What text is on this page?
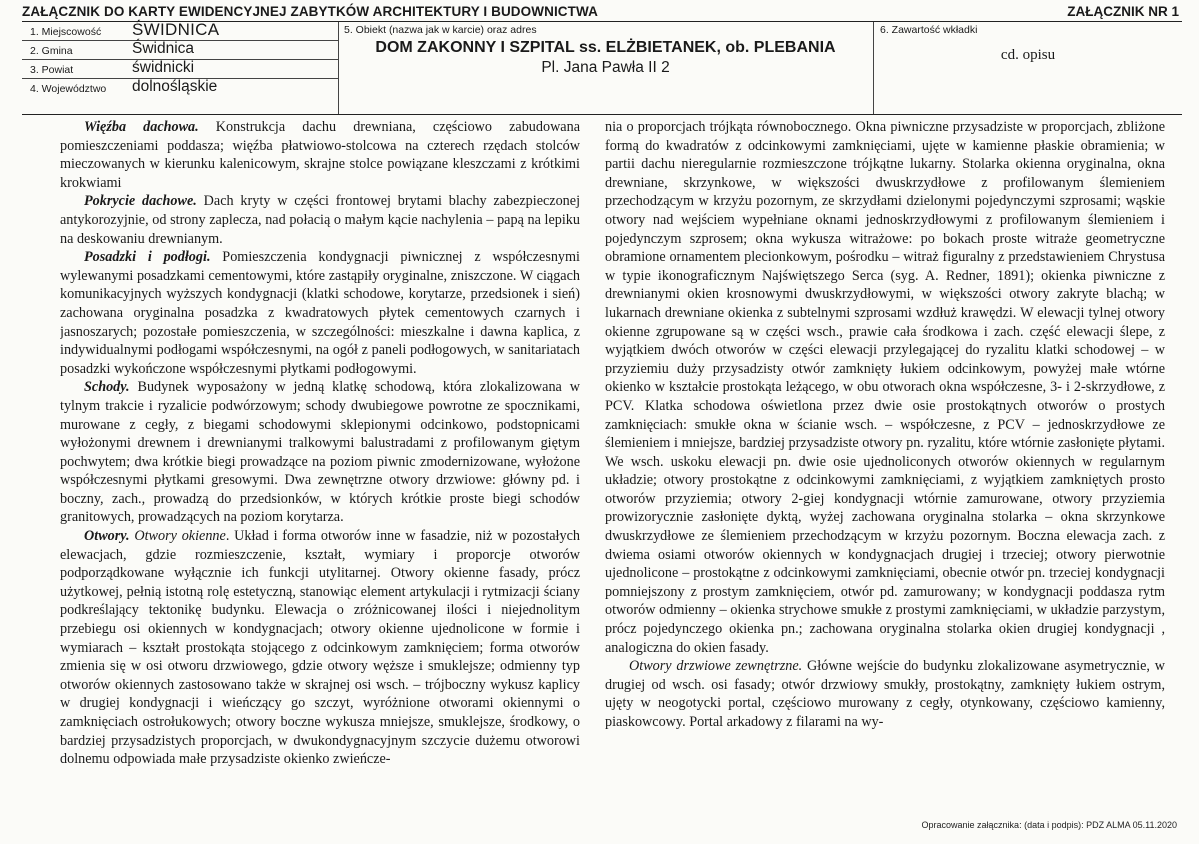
ZAŁĄCZNIK DO KARTY EWIDENCYJNEJ ZABYTKÓW ARCHITEKTURY I BUDOWNICTWA	ZAŁĄCZNIK NR 1
1. Miejscowość ŚWIDNICA
2. Gmina	Świdnica
3. Powiat	świdnicki
4. Województwo dolnośląskie
5. Obiekt (nazwa jak w karcie) oraz adres
DOM ZAKONNY I SZPITAL ss. ELŻBIETANEK, ob. PLEBANIA
Pl. Jana Pawła II 2
6. Zawartość wkładki
cd. opisu

Więźba dachowa. Konstrukcja dachu drewniana, częściowo zabudowana pomieszczeniami poddasza; więźba płatwiowo-stolcowa na czterech rzędach stolców mieczowanych w kierunku kalenicowym, skrajne stolce powiązane kleszczami z krótkimi krokwiami

Pokrycie dachowe. Dach kryty w części frontowej brytami blachy zabezpieczonej antykorozyjnie, od strony zaplecza, nad połacią o małym kącie nachylenia – papą na lepiku na deskowaniu drewnianym.

Posadzki i podłogi. Pomieszczenia kondygnacji piwnicznej z współczesnymi wylewanymi posadzkami cementowymi, które zastąpiły oryginalne, zniszczone. W ciągach komunikacyjnych wyższych kondygnacji (klatki schodowe, korytarze, przedsionek i sień) zachowana oryginalna posadzka z kwadratowych płytek cementowych czarnych i jasnoszarych; pozostałe pomieszczenia, w szczególności: mieszkalne i dawna kaplica, z indywidualnymi podłogami współczesnymi, na ogół z paneli podłogowych, w sanitariatach posadzki wykończone współczesnymi płytkami podłogowymi.

Schody. Budynek wyposażony w jedną klatkę schodową, która zlokalizowana w tylnym trakcie i ryzalicie podwórzowym; schody dwubiegowe powrotne ze spocznikami, murowane z cegły, z biegami schodowymi sklepionymi odcinkowo, podstopnicami wyłożonymi drewnem i drewnianymi tralkowymi balustradami z profilowanym giętym pochwytem; dwa krótkie biegi prowadzące na poziom piwnic zmodernizowane, wyłożone współczesnymi płytkami gresowymi. Dwa zewnętrzne otwory drzwiowe: główny pd. i boczny, zach., prowadzą do przedsionków, w których krótkie proste biegi schodów granitowych, prowadzących na poziom korytarza.

Otwory. Otwory okienne. Układ i forma otworów inne w fasadzie, niż w pozostałych elewacjach, gdzie rozmieszczenie, kształt, wymiary i proporcje otworów podporządkowane wyłącznie ich funkcji utylitarnej. Otwory okienne fasady, prócz użytkowej, pełnią istotną rolę estetyczną, stanowiąc element artykulacji i rytmizacji ściany podkreślający tektonikę budynku. Elewacja o zróżnicowanej ilości i niejednolitym przebiegu osi okiennych w kondygnacjach; otwory okienne ujednolicone w formie i wymiarach – kształt prostokąta stojącego z odcinkowym zamknięciem; forma otworów zmienia się w osi otworu drzwiowego, gdzie otwory węższe i smuklejsze; odmienny typ otworów okiennych zastosowano także w skrajnej osi wsch. – trójboczny wykusz kaplicy w drugiej kondygnacji i wieńczący go szczyt, wyróżnione otworami okiennymi o zamknięciach ostrołukowych; otwory boczne wykusza mniejsze, smuklejsze, środkowy, o bardziej przysadzistych proporcjach, w dwukondygnacyjnym szczycie dużemu otworowi dolnemu odpowiada małe przysadziste okienko zwieńcze-

nia o proporcjach trójkąta równobocznego. Okna piwniczne przysadziste w proporcjach, zbliżone formą do kwadratów z odcinkowymi zamknięciami, ujęte w kamienne płaskie obramienia; w partii dachu nieregularnie rozmieszczone trójkątne lukarny. Stolarka okienna oryginalna, okna drewniane, skrzynkowe, w większości dwuskrzydłowe z profilowanym ślemieniem przechodzącym w krzyżu pozornym, ze skrzydłami dzielonymi pojedynczymi szprosami; wąskie otwory nad wejściem wypełniane oknami jednoskrzydłowymi z profilowanym ślemieniem i pojedynczym szprosem; okna wykusza witrażowe: po bokach proste witraże geometryczne obramione ornamentem plecionkowym, pośrodku – witraż figuralny z przedstawieniem Chrystusa w typie ikonograficznym Najświętszego Serca (syg. A. Redner, 1891); okienka piwniczne z drewnianymi okien krosnowymi dwuskrzydłowymi, w większości otwory zakryte blachą; w lukarnach drewniane okienka z subtelnymi szprosami wzdłuż krawędzi. W elewacji tylnej otwory okienne zgrupowane są w części wsch., prawie cała środkowa i zach. część elewacji ślepe, z wyjątkiem dwóch otworów w części elewacji przylegającej do ryzalitu klatki schodowej – w przyziemiu duży przysadzisty otwór zamknięty łukiem odcinkowym, powyżej małe wtórne okienko w kształcie prostokąta leżącego, w obu otworach okna współczesne, 3- i 2-skrzydłowe, z PCV. Klatka schodowa oświetlona przez dwie osie prostokątnych otworów o prostych zamknięciach: smukłe okna w ścianie wsch. – współczesne, z PCV – jednoskrzydłowe ze ślemieniem i mniejsze, bardziej przysadziste otwory pn. ryzalitu, które wtórnie zasłonięte płytami. We wsch. uskoku elewacji pn. dwie osie ujednoliconych otworów okiennych w regularnym układzie; otwory prostokątne z odcinkowymi zamknięciami, z wyjątkiem zamkniętych prosto otworów przyziemia; otwory 2-giej kondygnacji wtórnie zamurowane, otwory przyziemia prowizorycznie zasłonięte dyktą, wyżej zachowana oryginalna stolarka – okna skrzynkowe dwuskrzydłowe ze ślemieniem przechodzącym w krzyżu pozornym. Boczna elewacja zach. z dwiema osiami otworów okiennych w kondygnacjach drugiej i trzeciej; otwory pierwotnie ujednolicone – prostokątne z odcinkowymi zamknięciami, obecnie otwór pn. trzeciej kondygnacji pomniejszony z prostym zamknięciem, otwór pd. zamurowany; w kondygnacji poddasza rytm otworów odmienny – okienka strychowe smukłe z prostymi zamknięciami, w układzie parzystym, prócz pojedynczego okienka pn.; zachowana oryginalna stolarka okien drugiej kondygnacji , analogiczna do okien fasady.

Otwory drzwiowe zewnętrzne. Główne wejście do budynku zlokalizowane asymetrycznie, w drugiej od wsch. osi fasady; otwór drzwiowy smukły, prostokątny, zamknięty łukiem ostrym, ujęty w neogotycki portal, częściowo murowany z cegły, otynkowany, częściowo kamienny, piaskowcowy. Portal arkadowy z filarami na wy-

Opracowanie załącznika: (data i podpis): PDZ ALMA 05.11.2020
